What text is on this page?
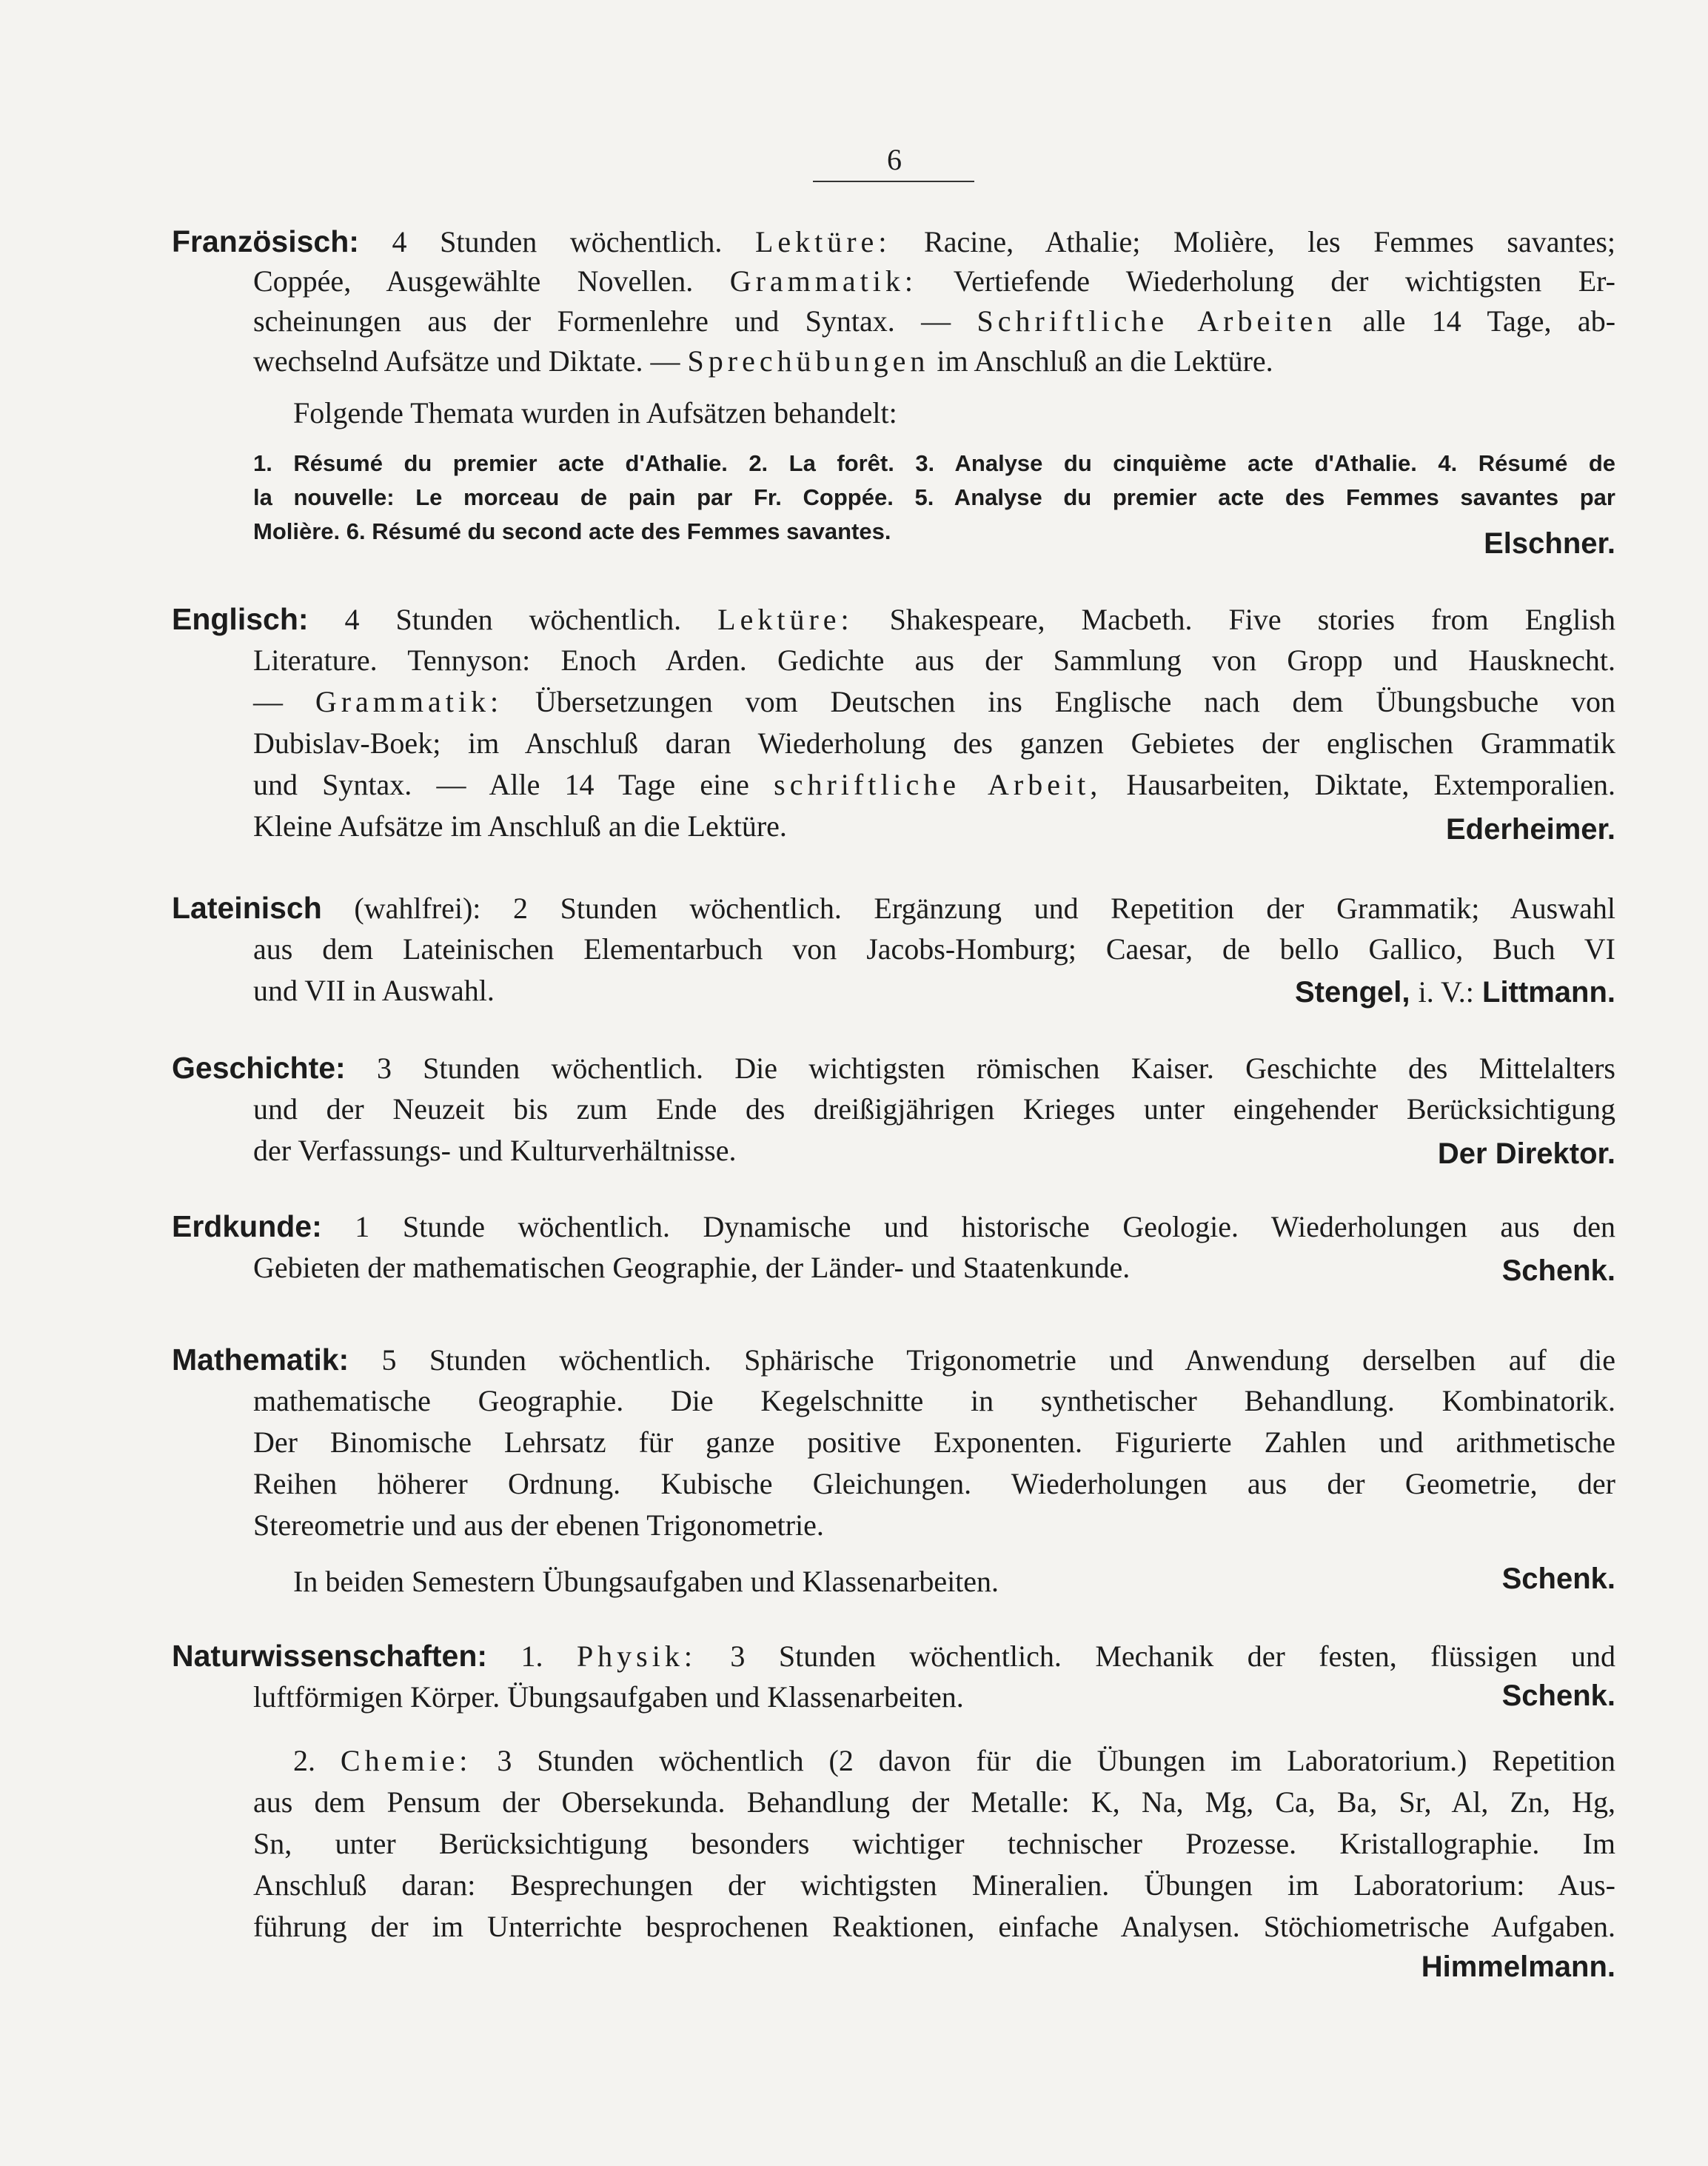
6
Französisch: 4 Stunden wöchentlich. Lektüre: Racine, Athalie; Molière, les Femmes savantes;
Coppée, Ausgewählte Novellen. Grammatik: Vertiefende Wiederholung der wichtigsten Er-
scheinungen aus der Formenlehre und Syntax. — Schriftliche Arbeiten alle 14 Tage, ab-
wechselnd Aufsätze und Diktate. — Sprechübungen im Anschluß an die Lektüre.
Folgende Themata wurden in Aufsätzen behandelt:
1. Résumé du premier acte d'Athalie. 2. La forêt. 3. Analyse du cinquième acte d'Athalie. 4. Résumé de
la nouvelle: Le morceau de pain par Fr. Coppée. 5. Analyse du premier acte des Femmes savantes par
Molière. 6. Résumé du second acte des Femmes savantes.	Elschner.
Englisch: 4 Stunden wöchentlich. Lektüre: Shakespeare, Macbeth. Five stories from English
Literature. Tennyson: Enoch Arden. Gedichte aus der Sammlung von Gropp und Hausknecht.
— Grammatik: Übersetzungen vom Deutschen ins Englische nach dem Übungsbuche von
Dubislav-Boek; im Anschluß daran Wiederholung des ganzen Gebietes der englischen Grammatik
und Syntax. — Alle 14 Tage eine schriftliche Arbeit, Hausarbeiten, Diktate, Extemporalien.
Kleine Aufsätze im Anschluß an die Lektüre.	Ederheimer.
Lateinisch (wahlfrei): 2 Stunden wöchentlich. Ergänzung und Repetition der Grammatik; Auswahl
aus dem Lateinischen Elementarbuch von Jacobs-Homburg; Caesar, de bello Gallico, Buch VI
und VII in Auswahl.	Stengel, i. V.: Littmann.
Geschichte: 3 Stunden wöchentlich. Die wichtigsten römischen Kaiser. Geschichte des Mittelalters
und der Neuzeit bis zum Ende des dreißigjährigen Krieges unter eingehender Berücksichtigung
der Verfassungs- und Kulturverhältnisse.	Der Direktor.
Erdkunde: 1 Stunde wöchentlich. Dynamische und historische Geologie. Wiederholungen aus den
Gebieten der mathematischen Geographie, der Länder- und Staatenkunde.	Schenk.
Mathematik: 5 Stunden wöchentlich. Sphärische Trigonometrie und Anwendung derselben auf die
mathematische Geographie. Die Kegelschnitte in synthetischer Behandlung. Kombinatorik.
Der Binomische Lehrsatz für ganze positive Exponenten. Figurierte Zahlen und arithmetische
Reihen höherer Ordnung. Kubische Gleichungen. Wiederholungen aus der Geometrie, der
Stereometrie und aus der ebenen Trigonometrie.
In beiden Semestern Übungsaufgaben und Klassenarbeiten.	Schenk.
Naturwissenschaften: 1. Physik: 3 Stunden wöchentlich. Mechanik der festen, flüssigen und
luftförmigen Körper. Übungsaufgaben und Klassenarbeiten.	Schenk.
2. Chemie: 3 Stunden wöchentlich (2 davon für die Übungen im Laboratorium.) Repetition
aus dem Pensum der Obersekunda. Behandlung der Metalle: K, Na, Mg, Ca, Ba, Sr, Al, Zn, Hg,
Sn, unter Berücksichtigung besonders wichtiger technischer Prozesse. Kristallographie. Im
Anschluß daran: Besprechungen der wichtigsten Mineralien. Übungen im Laboratorium: Aus-
führung der im Unterrichte besprochenen Reaktionen, einfache Analysen. Stöchiometrische Aufgaben.
Himmelmann.
